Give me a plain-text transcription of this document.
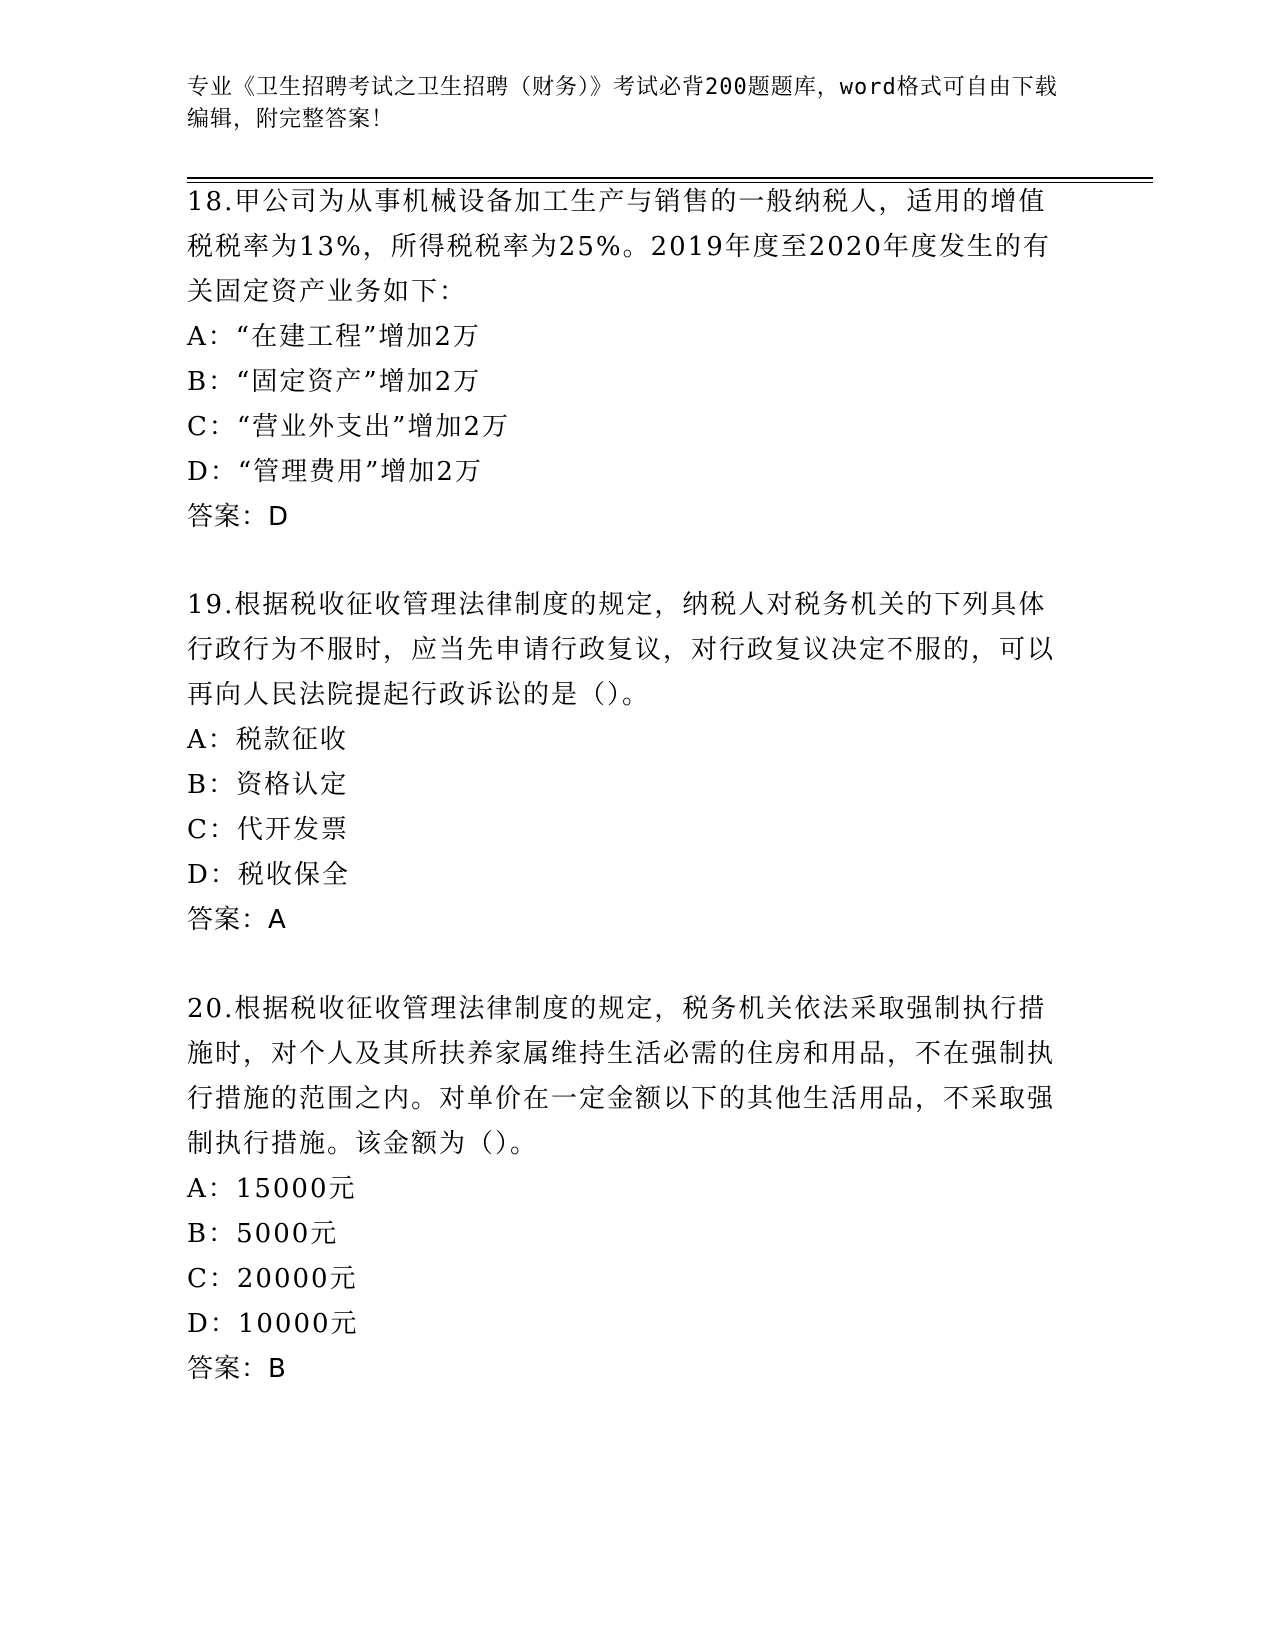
专业《卫生招聘考试之卫生招聘（财务）》考试必背200题题库，word格式可自由下载编辑，附完整答案！

18.甲公司为从事机械设备加工生产与销售的一般纳税人，适用的增值税税率为13%，所得税税率为25%。2019年度至2020年度发生的有关固定资产业务如下：

A：“在建工程”增加2万

B：“固定资产”增加2万

C：“营业外支出”增加2万

D：“管理费用”增加2万

答案：D

19.根据税收征收管理法律制度的规定，纳税人对税务机关的下列具体行政行为不服时，应当先申请行政复议，对行政复议决定不服的，可以再向人民法院提起行政诉讼的是（）。

A：税款征收

B：资格认定

C：代开发票

D：税收保全

答案：A

20.根据税收征收管理法律制度的规定，税务机关依法采取强制执行措施时，对个人及其所扶养家属维持生活必需的住房和用品，不在强制执行措施的范围之内。对单价在一定金额以下的其他生活用品，不采取强制执行措施。该金额为（）。

A：15000元

B：5000元

C：20000元

D：10000元

答案：B
